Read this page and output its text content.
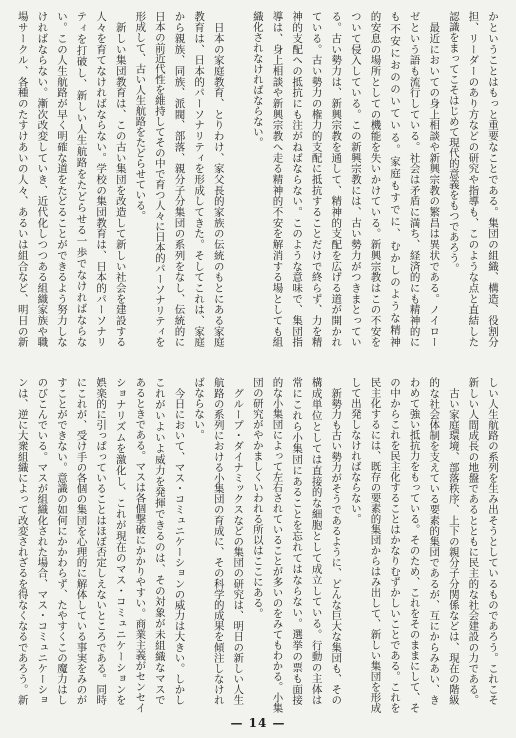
かということはもっと重要なことである。集団の組織、構造、役割分
担、リーダーのあり方などの研究や指導も、このような点と直結した
認識をまってこそはじめて現代的意義をもつであろう。
　最近においての身上相談や新興宗教の繁昌は異状である。ノイロー
ゼという語も流行している。社会は矛盾に満ち、経済的にも精神的に
も不安におののいている。家庭もすでに、むかしのような精神
的安息の場所としての機能を失いかけている。新興宗教はこの不安を
ついて侵入している。この新興宗教には、古い勢力がつきまとってい
る。古い勢力は、新興宗教を通して、精神的支配を広げる道が開かれ
ている。古い勢力の権力的支配に抵抗することだけで終らず、力を精
神的支配への抵抗にも注がねばならない。このような意味で、集団指
導は、身上相談や新興宗教へ走る精神的不安を解消する場としても組
織化されなければならない。
　日本の家庭教育、とりわけ、家父長的家族の伝統のもとにある家庭
教育は、日本的パーソナリティを形成してきた。そしてこれは、家庭
から親族、同族、派閥、部落、親分子分集団の系列をなし、伝統的に
日本の前近代性を維持してその中で育つ人々に日本的パーソナリティを
形成して、古い人生航路をたどらせている。
　新しい集団教育は、この古い集団を改造して新しい社会を建設する
人々を育てなければならない。学校の集団教育は、日本的パーソナリ
ティを打破し、新しい人生航路をたどらせる一歩でなければならな
い。この人生航路が早く明確な道をたどることができるよう努力しな
ければならない。漸次改変していき、近代化しつつある組織家族や職
場サークル、各種のたすけあいの人々、あるいは組合など、明日の新
しい人生航路の系列を生み出そうとしているものであろう。これこそ
新しい人間成長の地盤であるとともに民主的な社会建設の力である。
　古い家庭環境、部落秩序、上下の親分子分関係などは、現在の階級
的な社会体制を支えている要素的集団であるが、互にからみあい、き
わめて強い抵抗力をもっている。そのため、これをそのままにして、そ
の中からこれを民主化することはかなりむずかしいことである。これを
民主化するには、既存の要素的集団からはみ出して、新しい集団を形成
して出発しなければならない。
　新勢力も古い勢力がそうであるように、どんな巨大な集団も、その
構成単位としては直接的な細胞として成立している。行動の主体は
常にこれら小集団にあることを忘れてはならない。選挙の票も面接
的な小集団によって左右されていることが多いのをみてもわかる。小集
団の研究がやかましくいわれる所以はここにある。
　グループ・ダイナミックスなどの集団の研究は、明日の新しい人生
航路の系列における小集団の育成に、その科学的成果を傾注しなけれ
ばならない。
　今日において、マス・コミュニケーションの威力は大きい。しかし
これがいよいよ威力を発揮できるのは、その対象が未組織なマスで
あるときである。マスは各個撃破にかかりやすい。商業主義がセンセイ
ショナリズムを激化し、これが現在のマス・コミュニケーションを
娯楽的に引っぱっていることはほぼ否定しえないところである。同時
にこれが、受け手の各個の集団を心理的に解体している事実をみのが
すことができない。意識の如何にかかわらず、たやすくこの魔力はし
のびこんでいる。マスが組織化された場合、マス・コミュニケーショ
ンは、逆に大衆組織によって改変されざるを得なくなるであろう。新
— 14 —
